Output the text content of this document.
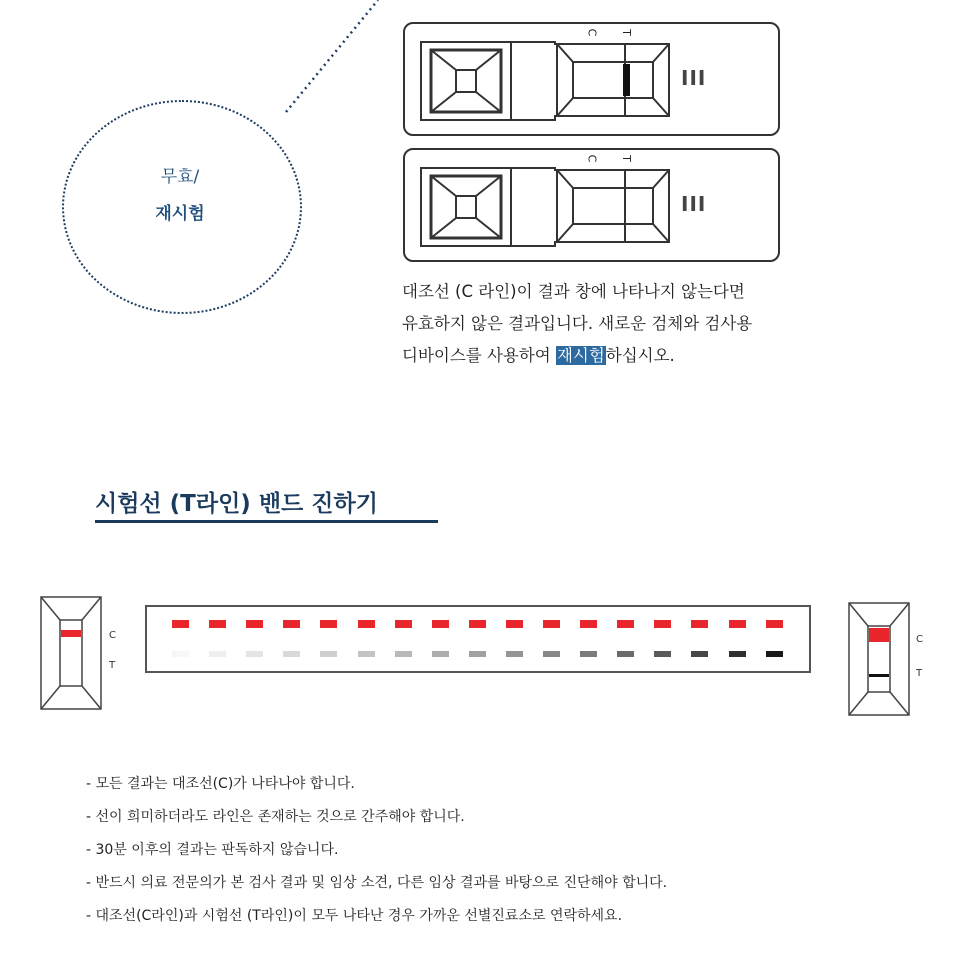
무효/
재시험
C T
III
C T
III
대조선 (C 라인)이 결과 창에 나타나지 않는다면
유효하지 않은 결과입니다. 새로운 검체와 검사용
디바이스를 사용하여 재시험하십시오.
시험선 (T라인) 밴드 진하기
C
T
C
T
- 모든 결과는 대조선(C)가 나타나야 합니다.
- 선이 희미하더라도 라인은 존재하는 것으로 간주해야 합니다.
- 30분 이후의 결과는 판독하지 않습니다.
- 반드시 의료 전문의가 본 검사 결과 및 임상 소견, 다른 임상 결과를 바탕으로 진단해야 합니다.
- 대조선(C라인)과 시험선 (T라인)이 모두 나타난 경우 가까운 선별진료소로 연락하세요.
